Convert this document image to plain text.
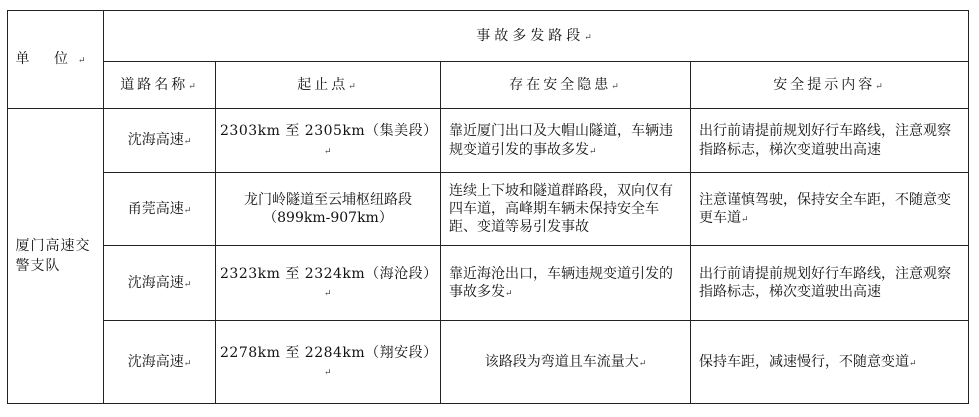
单 位↵	事故多发路段↵			
	道路名称↵	起止点↵	存在安全隐患↵	安全提示内容↵

厦门高速交警支队	沈海高速↵	2303km 至 2305km（集美段）↵	靠近厦门出口及大帽山隧道，车辆违规变道引发的事故多发↵	出行前请提前规划好行车路线，注意观察指路标志，梯次变道驶出高速
	甬莞高速↵	龙门岭隧道至云埔枢纽路段（899km-907km）	连续上下坡和隧道群路段，双向仅有四车道，高峰期车辆未保持安全车距、变道等易引发事故	注意谨慎驾驶，保持安全车距，不随意变更车道↵
	沈海高速↵	2323km 至 2324km（海沧段）↵	靠近海沧出口，车辆违规变道引发的事故多发↵	出行前请提前规划好行车路线，注意观察指路标志，梯次变道驶出高速
	沈海高速↵	2278km 至 2284km（翔安段）↵	该路段为弯道且车流量大↵	保持车距，减速慢行，不随意变道↵
